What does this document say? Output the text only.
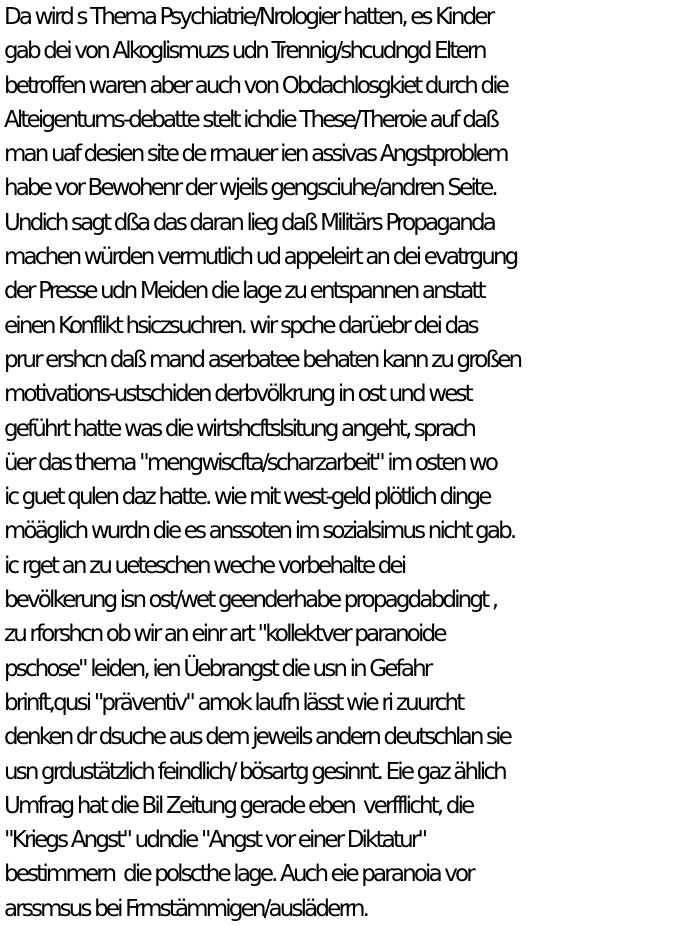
Da wird s Thema Psychiatrie/Nrologier hatten, es Kinder
gab dei von Alkoglismuzs udn Trennig/shcudngd Eltern
betroffen waren aber auch von Obdachlosgkiet durch die
Alteigentums-debatte stelt ichdie These/Theroie auf daß
man uaf desien site de rmauer ien assivas Angstproblem
habe vor Bewohenr der wjeils gengsciuhe/andren Seite.
Undich sagt dßa das daran lieg daß Militärs Propaganda
machen würden vermutlich ud appeleirt an dei evatrgung
der Presse udn Meiden die lage zu entspannen anstatt
einen Konflikt hsiczsuchren. wir spche darüebr dei das
prur ershcn daß mand aserbatee behaten kann zu großen
motivations-ustschiden derbvölkrung in ost und west
geführt hatte was die wirtshcftslsitung angeht, sprach
üer das thema "mengwiscfta/scharzarbeit" im osten wo
ic guet qulen daz hatte. wie mit west-geld plötlich dinge
möäglich wurdn die es anssoten im sozialsimus nicht gab.
ic rget an zu ueteschen weche vorbehalte dei
bevölkerung isn ost/wet geenderhabe propagdabdingt ,
zu rforshcn ob wir an einr art "kollektver paranoide
pschose" leiden, ien Üebrangst die usn in Gefahr
brinft,qusi "präventiv" amok laufn lässt wie ri zuurcht
denken dr dsuche aus dem jeweils andern deutschlan sie
usn grdustätzlich feindlich/ bösartg gesinnt. Eie gaz ählich
Umfrag hat die Bil Zeitung gerade eben  verfflicht, die
"Kriegs Angst" udndie "Angst vor einer Diktatur"
bestimmern  die polscthe lage. Auch eie paranoia vor
arssmsus bei Frmstämmigen/ausläderrn.
